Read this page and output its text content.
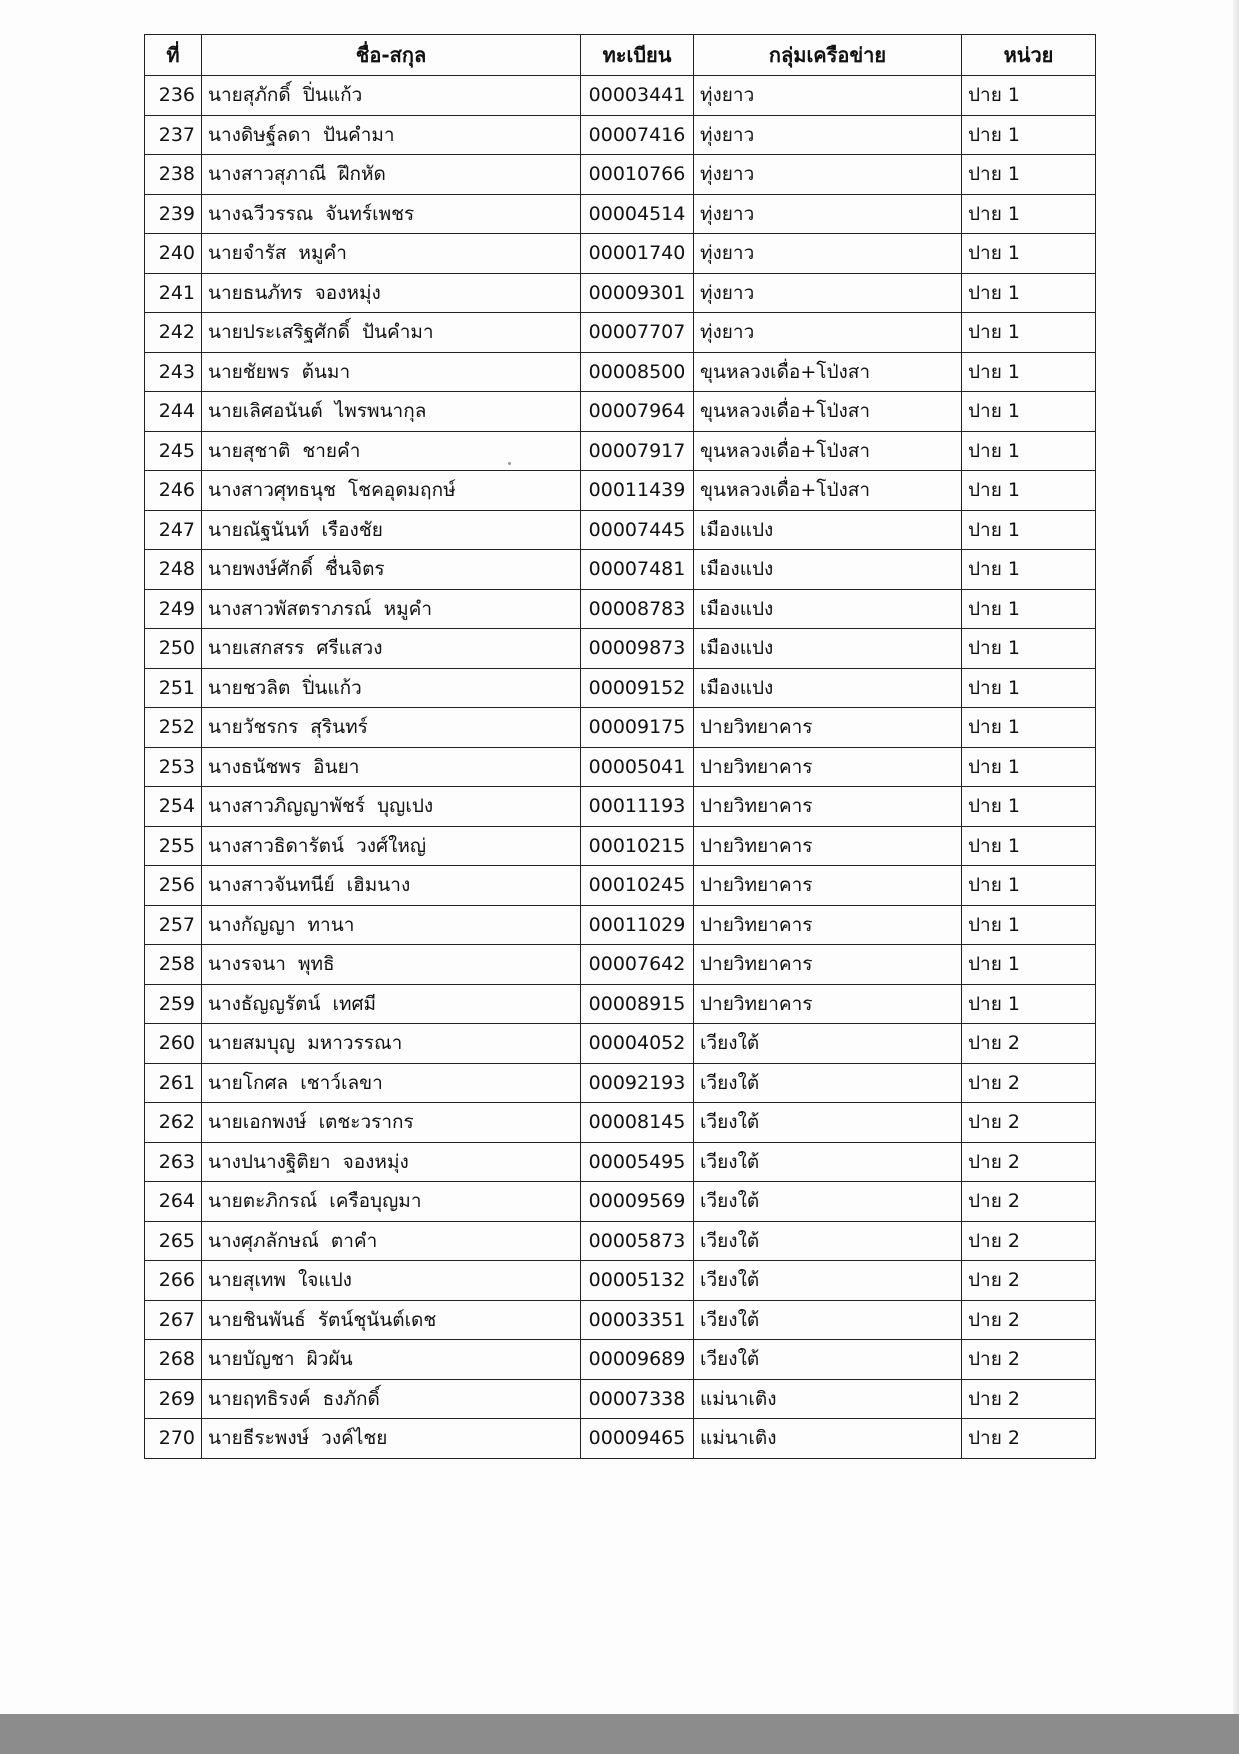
ที่	ชื่อ-สกุล	ทะเบียน	กลุ่มเครือข่าย	หน่วย
236	นายสุภักดิ์ ปิ่นแก้ว	00003441	ทุ่งยาว	ปาย 1
237	นางดิษฐ์ลดา ปันคำมา	00007416	ทุ่งยาว	ปาย 1
238	นางสาวสุภาณี ฝึกหัด	00010766	ทุ่งยาว	ปาย 1
239	นางฉวีวรรณ จันทร์เพชร	00004514	ทุ่งยาว	ปาย 1
240	นายจำรัส หมูคำ	00001740	ทุ่งยาว	ปาย 1
241	นายธนภัทร จองหมุ่ง	00009301	ทุ่งยาว	ปาย 1
242	นายประเสริฐศักดิ์ ปันคำมา	00007707	ทุ่งยาว	ปาย 1
243	นายชัยพร ต้นมา	00008500	ขุนหลวงเดื่อ+โป่งสา	ปาย 1
244	นายเลิศอนันต์ ไพรพนากุล	00007964	ขุนหลวงเดื่อ+โป่งสา	ปาย 1
245	นายสุชาติ ชายคำ	00007917	ขุนหลวงเดื่อ+โป่งสา	ปาย 1
246	นางสาวศุทธนุช โชคอุดมฤกษ์	00011439	ขุนหลวงเดื่อ+โป่งสา	ปาย 1
247	นายณัฐนันท์ เรืองชัย	00007445	เมืองแปง	ปาย 1
248	นายพงษ์ศักดิ์ ชื่นจิตร	00007481	เมืองแปง	ปาย 1
249	นางสาวพัสตราภรณ์ หมูคำ	00008783	เมืองแปง	ปาย 1
250	นายเสกสรร ศรีแสวง	00009873	เมืองแปง	ปาย 1
251	นายชวลิต ปิ่นแก้ว	00009152	เมืองแปง	ปาย 1
252	นายวัชรกร สุรินทร์	00009175	ปายวิทยาคาร	ปาย 1
253	นางธนัชพร อินยา	00005041	ปายวิทยาคาร	ปาย 1
254	นางสาวภิญญาพัชร์ บุญเปง	00011193	ปายวิทยาคาร	ปาย 1
255	นางสาวธิดารัตน์ วงศ์ใหญ่	00010215	ปายวิทยาคาร	ปาย 1
256	นางสาวจันทนีย์ เฮิมนาง	00010245	ปายวิทยาคาร	ปาย 1
257	นางกัญญา ทานา	00011029	ปายวิทยาคาร	ปาย 1
258	นางรจนา พุทธิ	00007642	ปายวิทยาคาร	ปาย 1
259	นางธัญญรัตน์ เทศมี	00008915	ปายวิทยาคาร	ปาย 1
260	นายสมบุญ มหาวรรณา	00004052	เวียงใต้	ปาย 2
261	นายโกศล เชาว์เลขา	00092193	เวียงใต้	ปาย 2
262	นายเอกพงษ์ เตชะวรากร	00008145	เวียงใต้	ปาย 2
263	นางปนางฐิติยา จองหมุ่ง	00005495	เวียงใต้	ปาย 2
264	นายตะภิกรณ์ เครือบุญมา	00009569	เวียงใต้	ปาย 2
265	นางศุภลักษณ์ ตาคำ	00005873	เวียงใต้	ปาย 2
266	นายสุเทพ ใจแปง	00005132	เวียงใต้	ปาย 2
267	นายชินพันธ์ รัตน์ชุนันต์เดช	00003351	เวียงใต้	ปาย 2
268	นายบัญชา ผิวผัน	00009689	เวียงใต้	ปาย 2
269	นายฤทธิรงค์ ธงภักดิ์	00007338	แม่นาเติง	ปาย 2
270	นายธีระพงษ์ วงค์ไชย	00009465	แม่นาเติง	ปาย 2
